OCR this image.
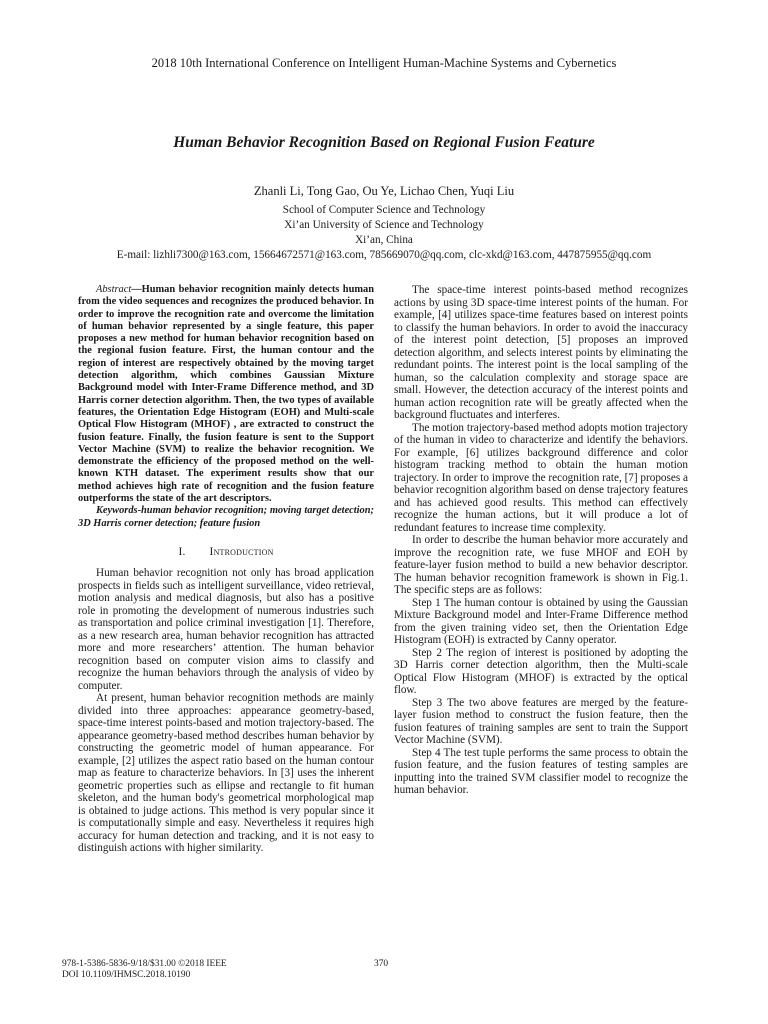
2018 10th International Conference on Intelligent Human-Machine Systems and Cybernetics
Human Behavior Recognition Based on Regional Fusion Feature
Zhanli Li, Tong Gao, Ou Ye, Lichao Chen, Yuqi Liu
School of Computer Science and Technology
Xi’an University of Science and Technology
Xi’an, China
E-mail: lizhli7300@163.com, 15664672571@163.com, 785669070@qq.com, clc-xkd@163.com, 447875955@qq.com

Abstract—Human behavior recognition mainly detects human from the video sequences and recognizes the produced behavior. In order to improve the recognition rate and overcome the limitation of human behavior represented by a single feature, this paper proposes a new method for human behavior recognition based on the regional fusion feature. First, the human contour and the region of interest are respectively obtained by the moving target detection algorithm, which combines Gaussian Mixture Background model with Inter-Frame Difference method, and 3D Harris corner detection algorithm. Then, the two types of available features, the Orientation Edge Histogram (EOH) and Multi-scale Optical Flow Histogram (MHOF) , are extracted to construct the fusion feature. Finally, the fusion feature is sent to the Support Vector Machine (SVM) to realize the behavior recognition. We demonstrate the efficiency of the proposed method on the well-known KTH dataset. The experiment results show that our method achieves high rate of recognition and the fusion feature outperforms the state of the art descriptors.

Keywords-human behavior recognition; moving target detection; 3D Harris corner detection; feature fusion

I. Introduction

Human behavior recognition not only has broad application prospects in fields such as intelligent surveillance, video retrieval, motion analysis and medical diagnosis, but also has a positive role in promoting the development of numerous industries such as transportation and police criminal investigation [1]. Therefore, as a new research area, human behavior recognition has attracted more and more researchers’ attention. The human behavior recognition based on computer vision aims to classify and recognize the human behaviors through the analysis of video by computer.

At present, human behavior recognition methods are mainly divided into three approaches: appearance geometry-based, space-time interest points-based and motion trajectory-based. The appearance geometry-based method describes human behavior by constructing the geometric model of human appearance. For example, [2] utilizes the aspect ratio based on the human contour map as feature to characterize behaviors. In [3] uses the inherent geometric properties such as ellipse and rectangle to fit human skeleton, and the human body's geometrical morphological map is obtained to judge actions. This method is very popular since it is computationally simple and easy. Nevertheless it requires high accuracy for human detection and tracking, and it is not easy to distinguish actions with higher similarity.

The space-time interest points-based method recognizes actions by using 3D space-time interest points of the human. For example, [4] utilizes space-time features based on interest points to classify the human behaviors. In order to avoid the inaccuracy of the interest point detection, [5] proposes an improved detection algorithm, and selects interest points by eliminating the redundant points. The interest point is the local sampling of the human, so the calculation complexity and storage space are small. However, the detection accuracy of the interest points and human action recognition rate will be greatly affected when the background fluctuates and interferes.

The motion trajectory-based method adopts motion trajectory of the human in video to characterize and identify the behaviors. For example, [6] utilizes background difference and color histogram tracking method to obtain the human motion trajectory. In order to improve the recognition rate, [7] proposes a behavior recognition algorithm based on dense trajectory features and has achieved good results. This method can effectively recognize the human actions, but it will produce a lot of redundant features to increase time complexity.

In order to describe the human behavior more accurately and improve the recognition rate, we fuse MHOF and EOH by feature-layer fusion method to build a new behavior descriptor. The human behavior recognition framework is shown in Fig.1. The specific steps are as follows:

Step 1 The human contour is obtained by using the Gaussian Mixture Background model and Inter-Frame Difference method from the given training video set, then the Orientation Edge Histogram (EOH) is extracted by Canny operator.

Step 2 The region of interest is positioned by adopting the 3D Harris corner detection algorithm, then the Multi-scale Optical Flow Histogram (MHOF) is extracted by the optical flow.

Step 3 The two above features are merged by the feature-layer fusion method to construct the fusion feature, then the fusion features of training samples are sent to train the Support Vector Machine (SVM).

Step 4 The test tuple performs the same process to obtain the fusion feature, and the fusion features of testing samples are inputting into the trained SVM classifier model to recognize the human behavior.

978-1-5386-5836-9/18/$31.00 ©2018 IEEE
DOI 10.1109/IHMSC.2018.10190
370
